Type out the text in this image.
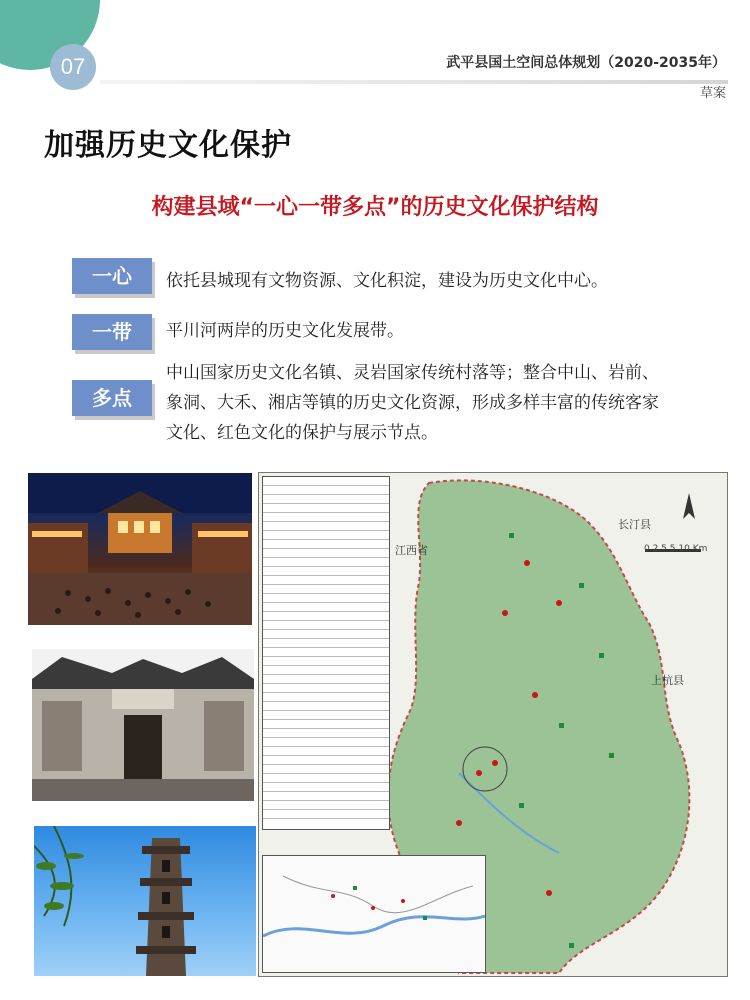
07	武平县国土空间总体规划（2020-2035年）
草案
加强历史文化保护
构建县域“一心一带多点”的历史文化保护结构
一心	依托县城现有文物资源、文化积淀，建设为历史文化中心。
一带	平川河两岸的历史文化发展带。
多点
中山国家历史文化名镇、灵岩国家传统村落等；整合中山、岩前、
象洞、大禾、湘店等镇的历史文化资源，形成多样丰富的传统客家
文化、红色文化的保护与展示节点。
江西省
长汀县
上杭县
0 2.5 5 10 Km
